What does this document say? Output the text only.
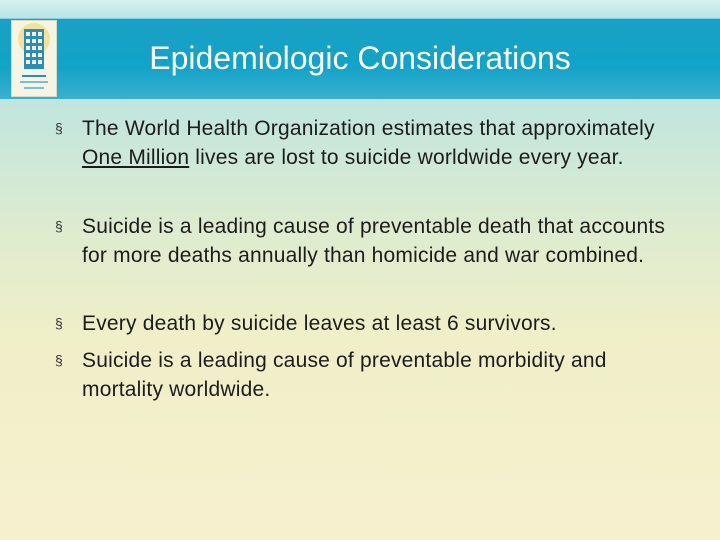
Epidemiologic Considerations
§ The World Health Organization estimates that approximately One Million lives are lost to suicide worldwide every year.
§ Suicide is a leading cause of preventable death that accounts for more deaths annually than homicide and war combined.
§ Every death by suicide leaves at least 6 survivors.
§ Suicide is a leading cause of preventable morbidity and mortality worldwide.
